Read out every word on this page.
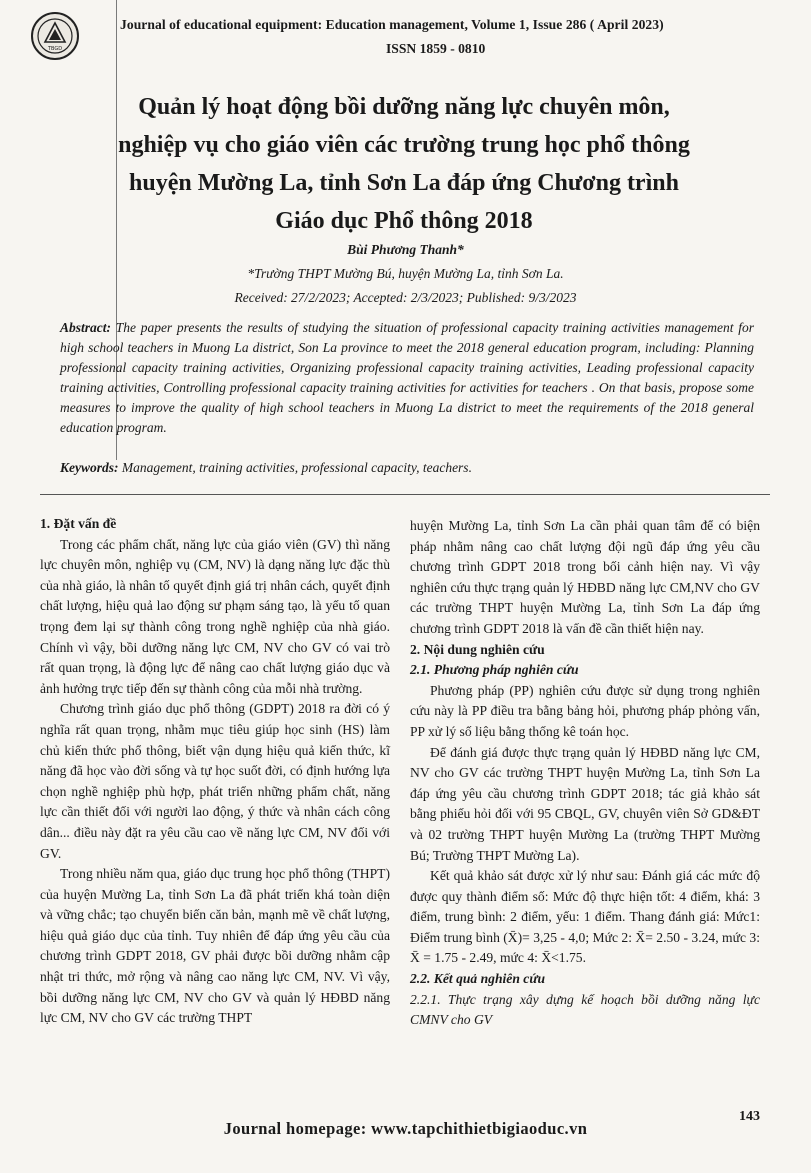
TBGD
Journal of educational equipment: Education management, Volume 1, Issue 286 ( April 2023)
ISSN 1859 - 0810
Quản lý hoạt động bồi dưỡng năng lực chuyên môn,
nghiệp vụ cho giáo viên các trường trung học phổ thông
huyện Mường La, tỉnh Sơn La đáp ứng Chương trình
Giáo dục Phổ thông 2018
Bùi Phương Thanh*
*Trường THPT Mường Bú, huyện Mường La, tỉnh Sơn La.
Received: 27/2/2023; Accepted: 2/3/2023; Published: 9/3/2023
Abstract: The paper presents the results of studying the situation of professional capacity training activities management for high school teachers in Muong La district, Son La province to meet the 2018 general education program, including: Planning professional capacity training activities, Organizing professional capacity training activities, Leading professional capacity training activities, Controlling professional capacity training activities for activities for teachers . On that basis, propose some measures to improve the quality of high school teachers in Muong La district to meet the requirements of the 2018 general education program.
Keywords: Management, training activities, professional capacity, teachers.

1. Đặt vấn đề

Trong các phẩm chất, năng lực của giáo viên (GV) thì năng lực chuyên môn, nghiệp vụ (CM, NV) là dạng năng lực đặc thù của nhà giáo, là nhân tố quyết định giá trị nhân cách, quyết định chất lượng, hiệu quả lao động sư phạm sáng tạo, là yếu tố quan trọng đem lại sự thành công trong nghề nghiệp của nhà giáo. Chính vì vậy, bồi dưỡng năng lực CM, NV cho GV có vai trò rất quan trọng, là động lực để nâng cao chất lượng giáo dục và ảnh hưởng trực tiếp đến sự thành công của mỗi nhà trường.

Chương trình giáo dục phổ thông (GDPT) 2018 ra đời có ý nghĩa rất quan trọng, nhằm mục tiêu giúp học sinh (HS) làm chủ kiến thức phổ thông, biết vận dụng hiệu quả kiến thức, kĩ năng đã học vào đời sống và tự học suốt đời, có định hướng lựa chọn nghề nghiệp phù hợp, phát triển những phẩm chất, năng lực cần thiết đối với người lao động, ý thức và nhân cách công dân... điều này đặt ra yêu cầu cao về năng lực CM, NV đối với GV.

Trong nhiều năm qua, giáo dục trung học phổ thông (THPT) của huyện Mường La, tỉnh Sơn La đã phát triển khá toàn diện và vững chắc; tạo chuyển biến căn bản, mạnh mẽ về chất lượng, hiệu quả giáo dục của tỉnh. Tuy nhiên để đáp ứng yêu cầu của chương trình GDPT 2018, GV phải được bồi dưỡng nhằm cập nhật tri thức, mở rộng và nâng cao năng lực CM, NV. Vì vậy, bồi dưỡng năng lực CM, NV cho GV và quản lý HĐBD năng lực CM, NV cho GV các trường THPT

huyện Mường La, tỉnh Sơn La cần phải quan tâm để có biện pháp nhằm nâng cao chất lượng đội ngũ đáp ứng yêu cầu chương trình GDPT 2018 trong bối cảnh hiện nay. Vì vậy nghiên cứu thực trạng quản lý HĐBD năng lực CM,NV cho GV các trường THPT huyện Mường La, tỉnh Sơn La đáp ứng chương trình GDPT 2018 là vấn đề cần thiết hiện nay.

2. Nội dung nghiên cứu

2.1. Phương pháp nghiên cứu

Phương pháp (PP) nghiên cứu được sử dụng trong nghiên cứu này là PP điều tra bằng bảng hỏi, phương pháp phỏng vấn, PP xử lý số liệu bằng thống kê toán học.

Để đánh giá được thực trạng quản lý HĐBD năng lực CM, NV cho GV các trường THPT huyện Mường La, tỉnh Sơn La đáp ứng yêu cầu chương trình GDPT 2018; tác giả khảo sát bằng phiếu hỏi đối với 95 CBQL, GV, chuyên viên Sở GD&ĐT và 02 trường THPT huyện Mường La (trường THPT Mường Bú; Trường THPT Mường La).

Kết quả khảo sát được xử lý như sau: Đánh giá các mức độ được quy thành điểm số: Mức độ thực hiện tốt: 4 điểm, khá: 3 điểm, trung bình: 2 điểm, yếu: 1 điểm. Thang đánh giá: Mức1: Điểm trung bình (X̄)= 3,25 - 4,0; Mức 2: X̄= 2.50 - 3.24, mức 3: X̄ = 1.75 - 2.49, mức 4: X̄<1.75.

2.2. Kết quả nghiên cứu

2.2.1. Thực trạng xây dựng kế hoạch bồi dưỡng năng lực CMNV cho GV

Journal homepage: www.tapchithietbigiaoduc.vn
143
